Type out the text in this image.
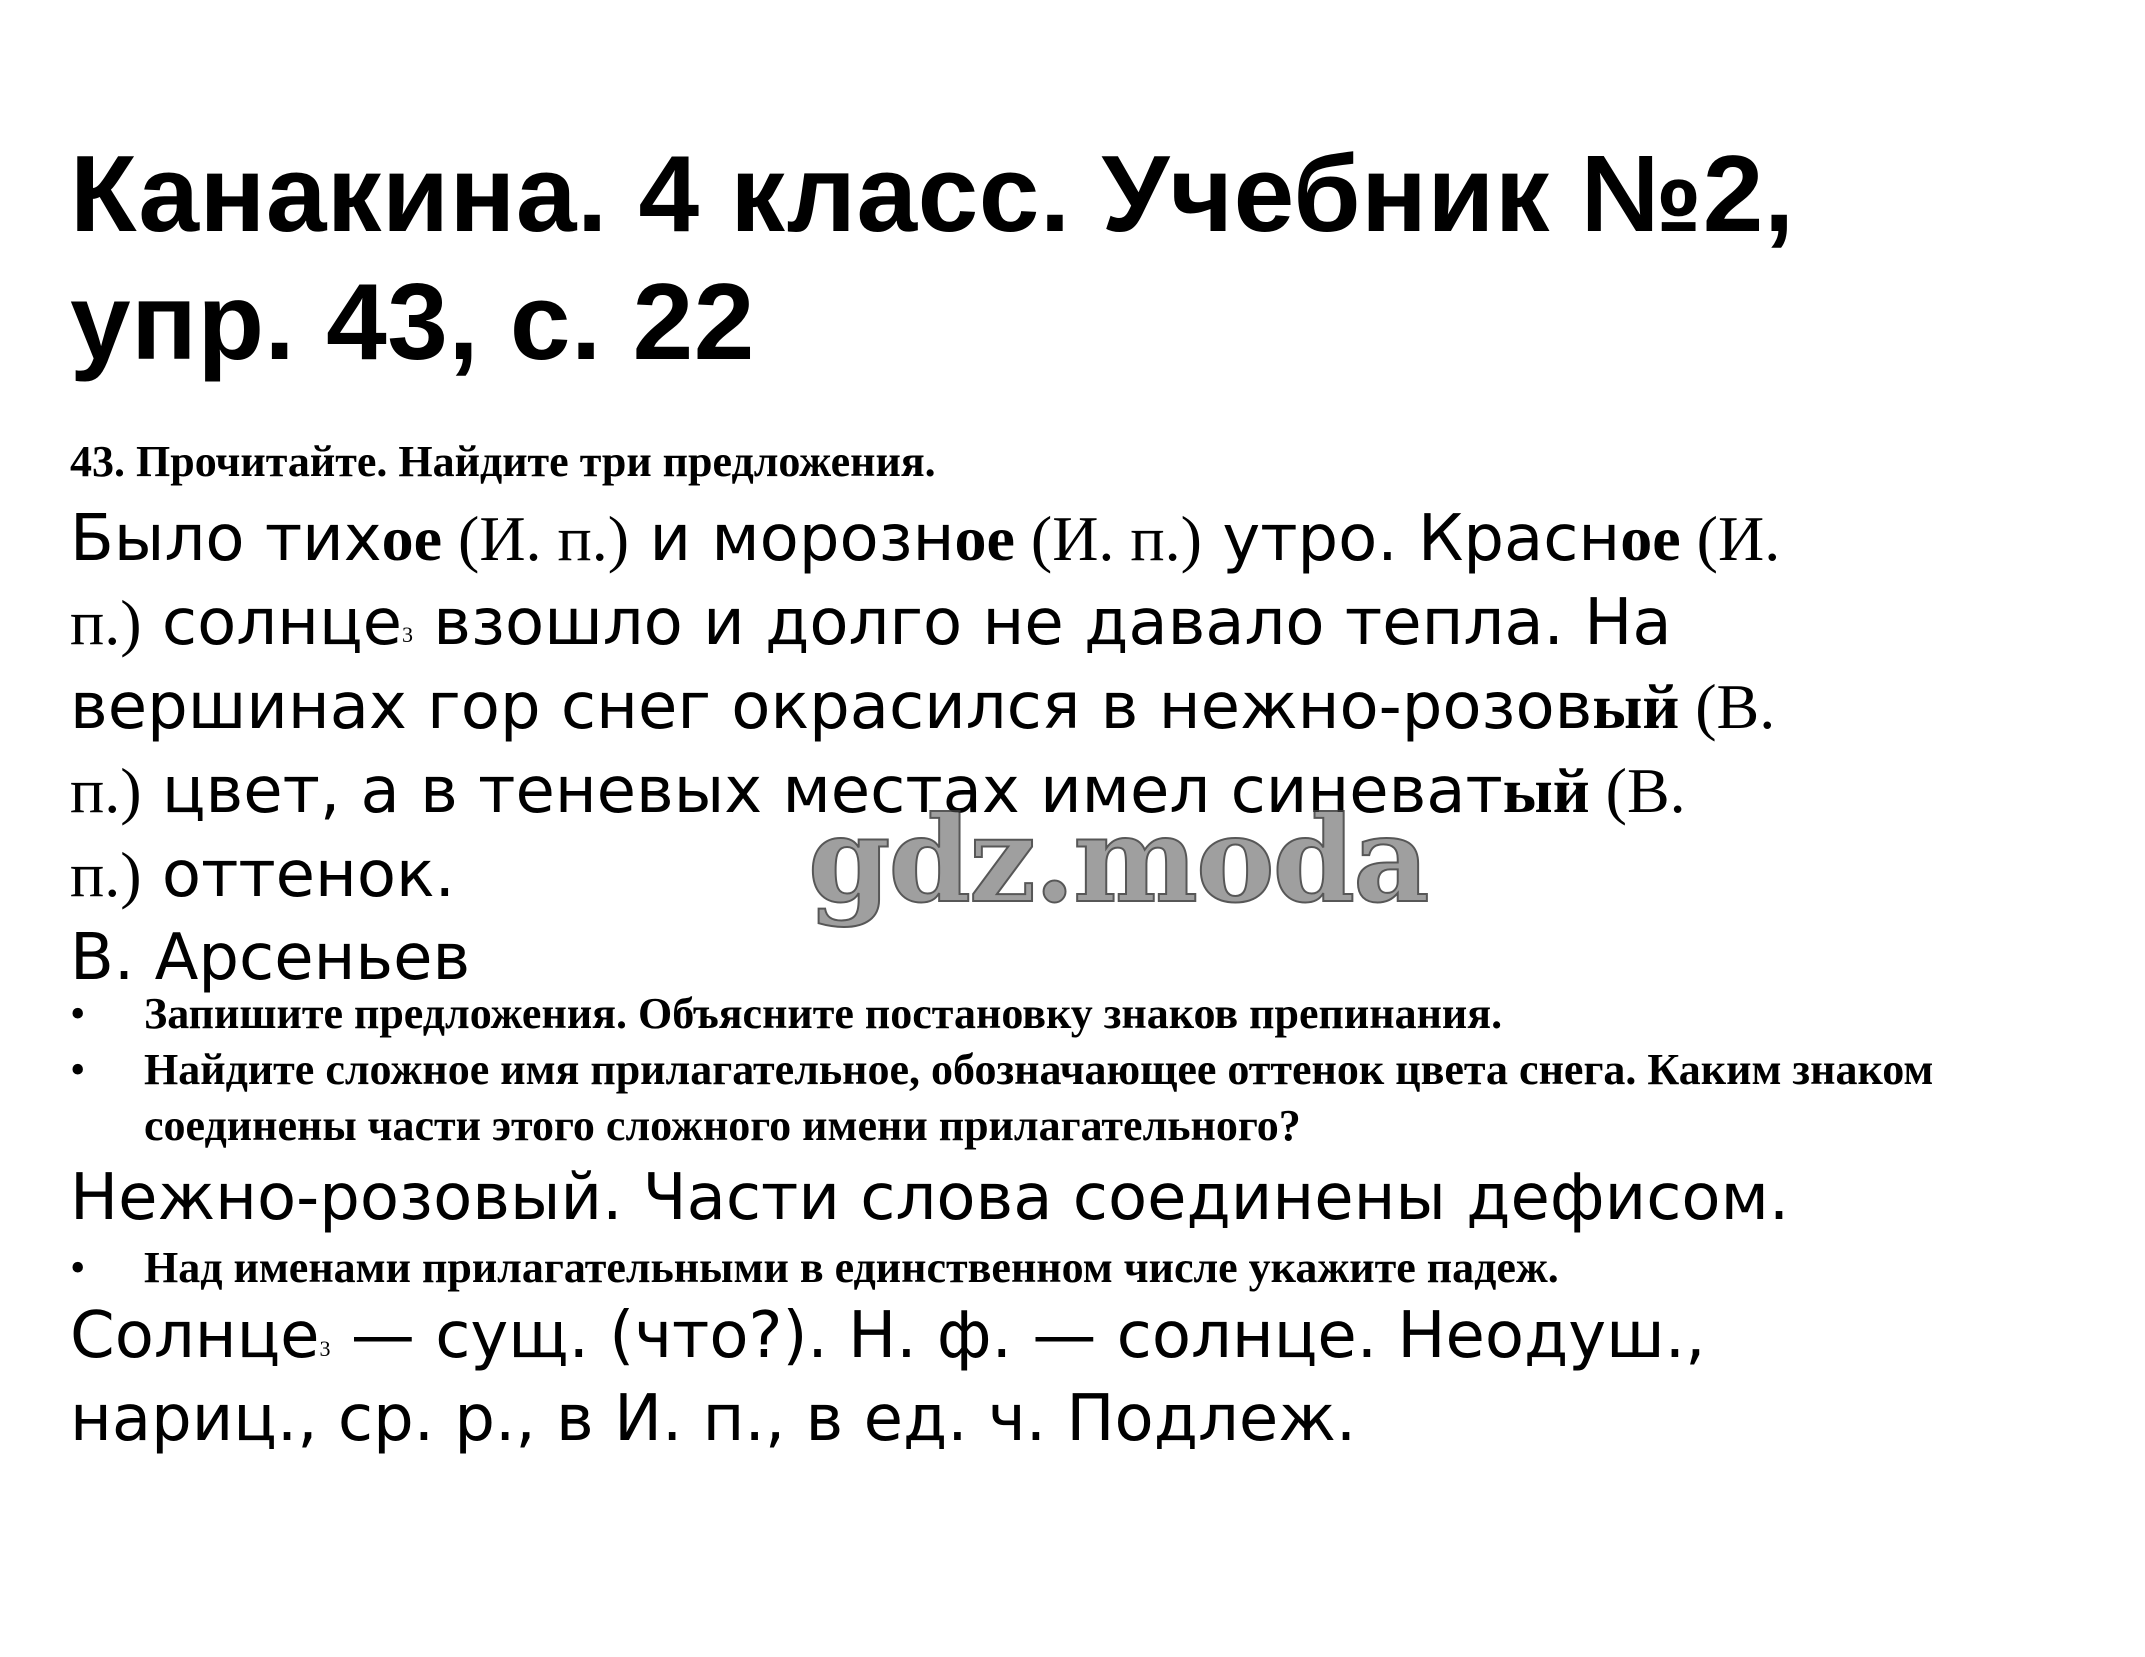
Канакина. 4 класс. Учебник №2,
упр. 43, с. 22
43. Прочитайте. Найдите три предложения.
Было тихое (И. п.) и морозное (И. п.) утро. Красное (И.
п.) солнце$^3$ взошло и долго не давало тепла. На
вершинах гор снег окрасился в нежно-розовый (В.
п.) цвет, а в теневых местах имел синеватый (В.
п.) оттенок.
В. Арсеньев
• Запишите предложения. Объясните постановку знаков препинания.
• Найдите сложное имя прилагательное, обозначающее оттенок цвета снега. Каким знаком соединены части этого сложного имени прилагательного?
Нежно-розовый. Части слова соединены дефисом.
• Над именами прилагательными в единственном числе укажите падеж.
Солнце$^3$ — сущ. (что?). Н. ф. — солнце. Неодуш.,
нариц., ср. р., в И. п., в ед. ч. Подлеж.
gdz.moda
